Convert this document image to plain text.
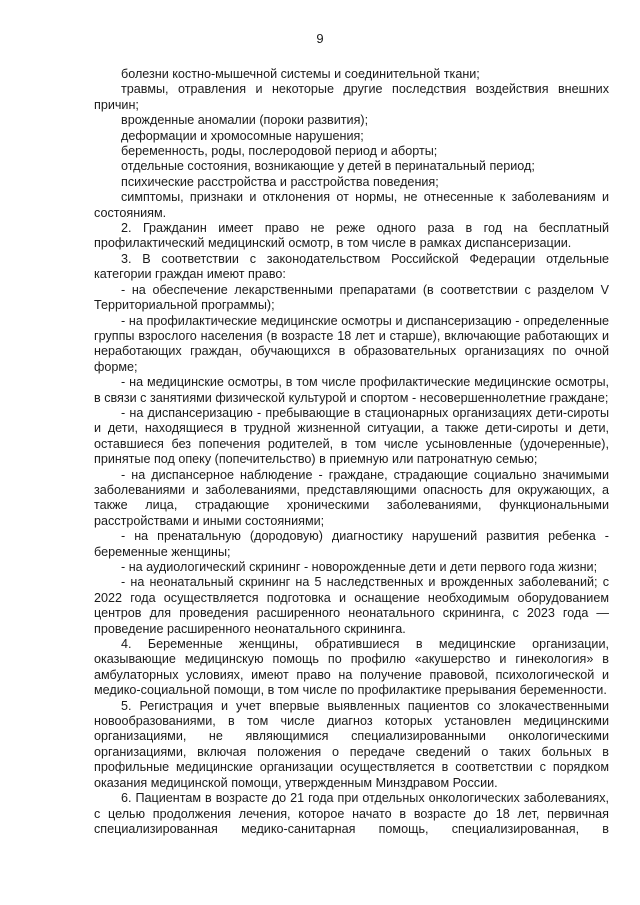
9

болезни костно-мышечной системы и соединительной ткани;

травмы, отравления и некоторые другие последствия воздействия внешних причин;

врожденные аномалии (пороки развития);

деформации и хромосомные нарушения;

беременность, роды, послеродовой период и аборты;

отдельные состояния, возникающие у детей в перинатальный период;

психические расстройства и расстройства поведения;

симптомы, признаки и отклонения от нормы, не отнесенные к заболеваниям и состояниям.

2. Гражданин имеет право не реже одного раза в год на бесплатный профилактический медицинский осмотр, в том числе в рамках диспансеризации.

3. В соответствии с законодательством Российской Федерации отдельные категории граждан имеют право:

- на обеспечение лекарственными препаратами (в соответствии с разделом V Территориальной программы);

- на профилактические медицинские осмотры и диспансеризацию - определенные группы взрослого населения (в возрасте 18 лет и старше), включающие работающих и неработающих граждан, обучающихся в образовательных организациях по очной форме;

- на медицинские осмотры, в том числе профилактические медицинские осмотры, в связи с занятиями физической культурой и спортом - несовершеннолетние граждане;

- на диспансеризацию - пребывающие в стационарных организациях дети-сироты и дети, находящиеся в трудной жизненной ситуации, а также дети-сироты и дети, оставшиеся без попечения родителей, в том числе усыновленные (удочеренные), принятые под опеку (попечительство) в приемную или патронатную семью;

- на диспансерное наблюдение - граждане, страдающие социально значимыми заболеваниями и заболеваниями, представляющими опасность для окружающих, а также лица, страдающие хроническими заболеваниями, функциональными расстройствами и иными состояниями;

- на пренатальную (дородовую) диагностику нарушений развития ребенка - беременные женщины;

- на аудиологический скрининг - новорожденные дети и дети первого года жизни;

- на неонатальный скрининг на 5 наследственных и врожденных заболеваний; с 2022 года осуществляется подготовка и оснащение необходимым оборудованием центров для проведения расширенного неонатального скрининга, с 2023 года — проведение расширенного неонатального скрининга.

4. Беременные женщины, обратившиеся в медицинские организации, оказывающие медицинскую помощь по профилю «акушерство и гинекология» в амбулаторных условиях, имеют право на получение правовой, психологической и медико-социальной помощи, в том числе по профилактике прерывания беременности.

5. Регистрация и учет впервые выявленных пациентов со злокачественными новообразованиями, в том числе диагноз которых установлен медицинскими организациями, не являющимися специализированными онкологическими организациями, включая положения о передаче сведений о таких больных в профильные медицинские организации осуществляется в соответствии с порядком оказания медицинской помощи, утвержденным Минздравом России.

6. Пациентам в возрасте до 21 года при отдельных онкологических заболеваниях, с целью продолжения лечения, которое начато в возрасте до 18 лет, первичная специализированная медико-санитарная помощь, специализированная, в
